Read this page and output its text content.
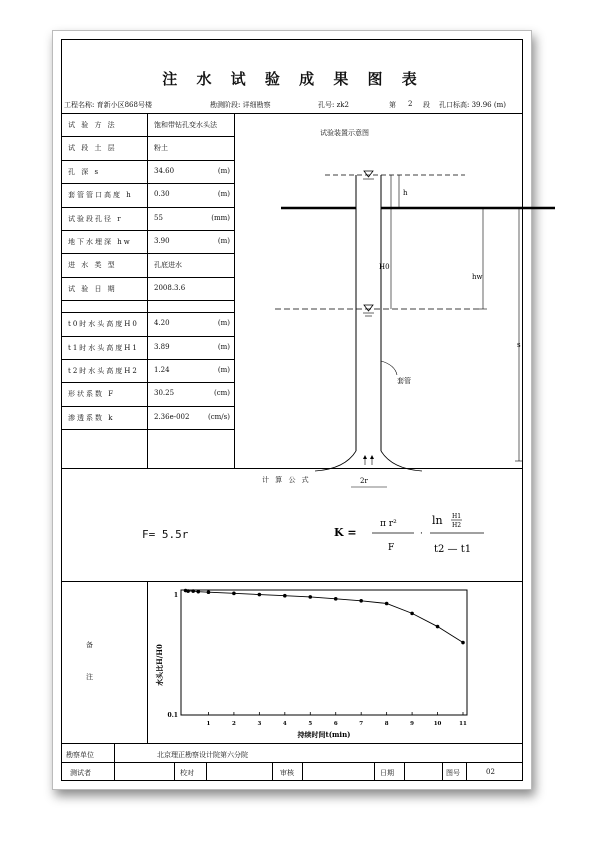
注 水 试 验 成 果 图 表
工程名称: 育新小区868号楼	勘测阶段: 详细勘察	孔号: zk2	第 2 段 孔口标高: 39.96 (m)
试 验 方 法	饱和带钻孔变水头法
试 段 土 层	粉土
孔 深 s	34.60	(m)
套管管口高度 h	0.30	(m)
试验段孔径 r	55	(mm)
地下水埋深 hw	3.90	(m)
进 水 类 型	孔底进水
试 验 日 期	2008.3.6
t0时水头高度H0 4.20	(m)
t1时水头高度H1 3.89	(m)
t2时水头高度H2 1.24	(m)
形状系数 F	30.25	(cm)
渗透系数 k	2.36e-002	(cm/s)
试验装置示意图
h
H0
hw
s
套管
2r
计 算 公 式
F= 5.5r	K =
π r²
F
·
ln H1
H2
t2 — t1
备
注
1
0.1
水头比H/H0
持续时间t(min)
1	2	3	4	5	6	7	8	9	10	11
勘察单位	北京理正勘察设计院第六分院
测试者	校对	审核	日期	图号	02
